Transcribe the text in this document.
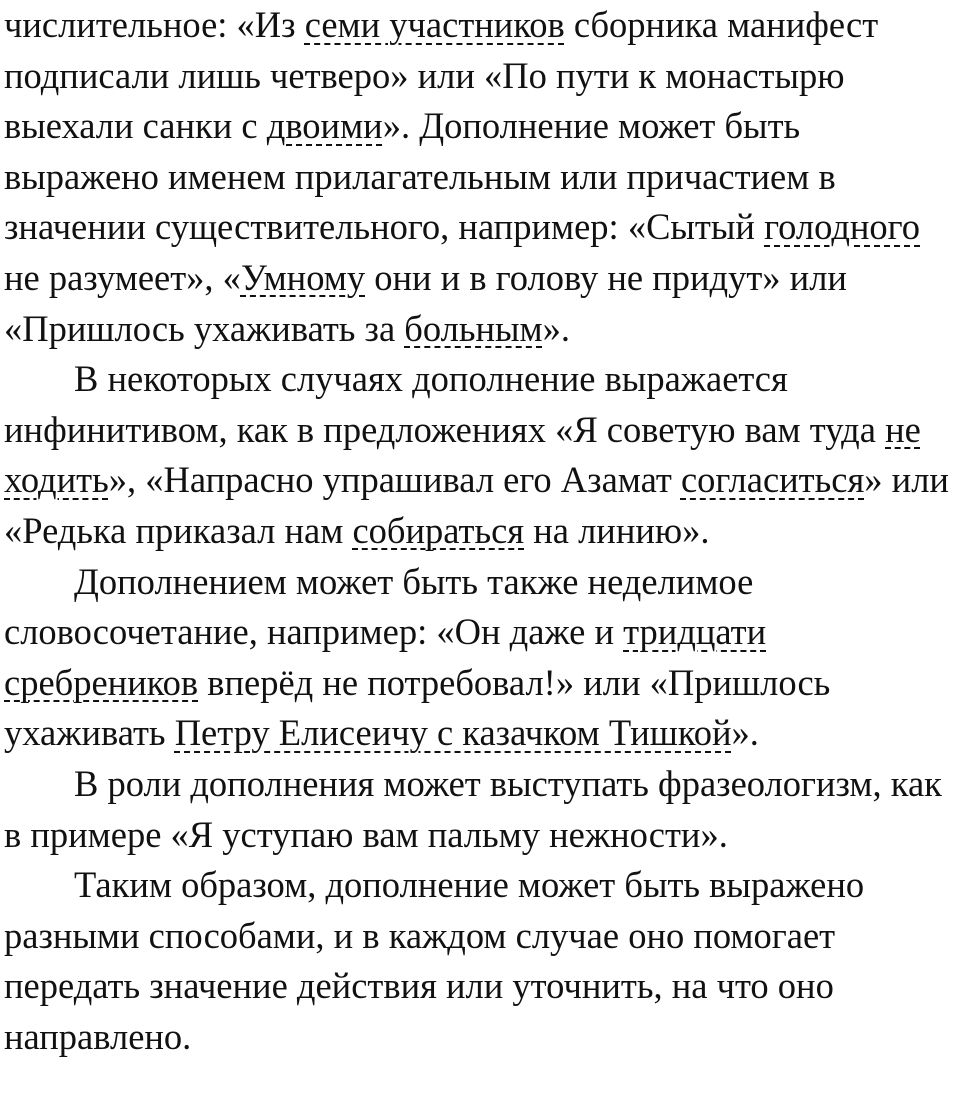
числительное: «Из семи участников сборника манифест подписали лишь четверо» или «По пути к монастырю выехали санки с двоими». Дополнение может быть выражено именем прилагательным или причастием в значении существительного, например: «Сытый голодного не разумеет», «Умному они и в голову не придут» или «Пришлось ухаживать за больным».

В некоторых случаях дополнение выражается инфинитивом, как в предложениях «Я советую вам туда не ходить», «Напрасно упрашивал его Азамат согласиться» или «Редька приказал нам собираться на линию».

Дополнением может быть также неделимое словосочетание, например: «Он даже и тридцати сребреников вперёд не потребовал!» или «Пришлось ухаживать Петру Елисеичу с казачком Тишкой».

В роли дополнения может выступать фразеологизм, как в примере «Я уступаю вам пальму нежности».

Таким образом, дополнение может быть выражено разными способами, и в каждом случае оно помогает передать значение действия или уточнить, на что оно направлено.
